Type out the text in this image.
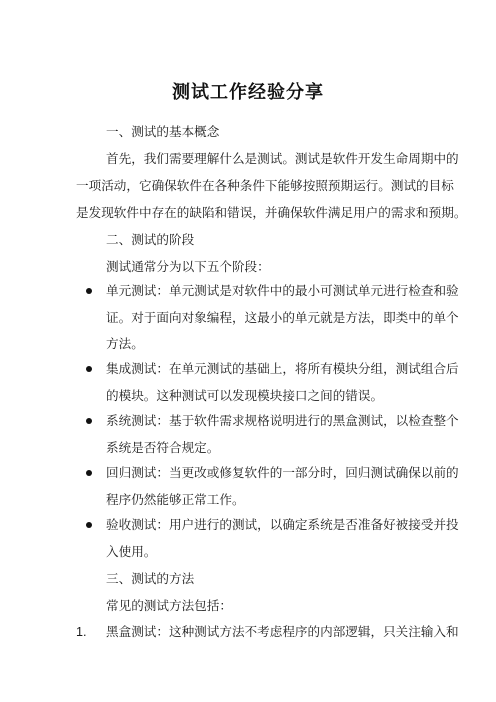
测试工作经验分享
一、测试的基本概念
首先，我们需要理解什么是测试。测试是软件开发生命周期中的
一项活动，它确保软件在各种条件下能够按照预期运行。测试的目标
是发现软件中存在的缺陷和错误，并确保软件满足用户的需求和预期。
二、测试的阶段
测试通常分为以下五个阶段：
单元测试：单元测试是对软件中的最小可测试单元进行检查和验
证。对于面向对象编程，这最小的单元就是方法，即类中的单个
方法。
集成测试：在单元测试的基础上，将所有模块分组，测试组合后
的模块。这种测试可以发现模块接口之间的错误。
系统测试：基于软件需求规格说明进行的黑盒测试，以检查整个
系统是否符合规定。
回归测试：当更改或修复软件的一部分时，回归测试确保以前的
程序仍然能够正常工作。
验收测试：用户进行的测试，以确定系统是否准备好被接受并投
入使用。
三、测试的方法
常见的测试方法包括：
1. 黑盒测试：这种测试方法不考虑程序的内部逻辑，只关注输入和
